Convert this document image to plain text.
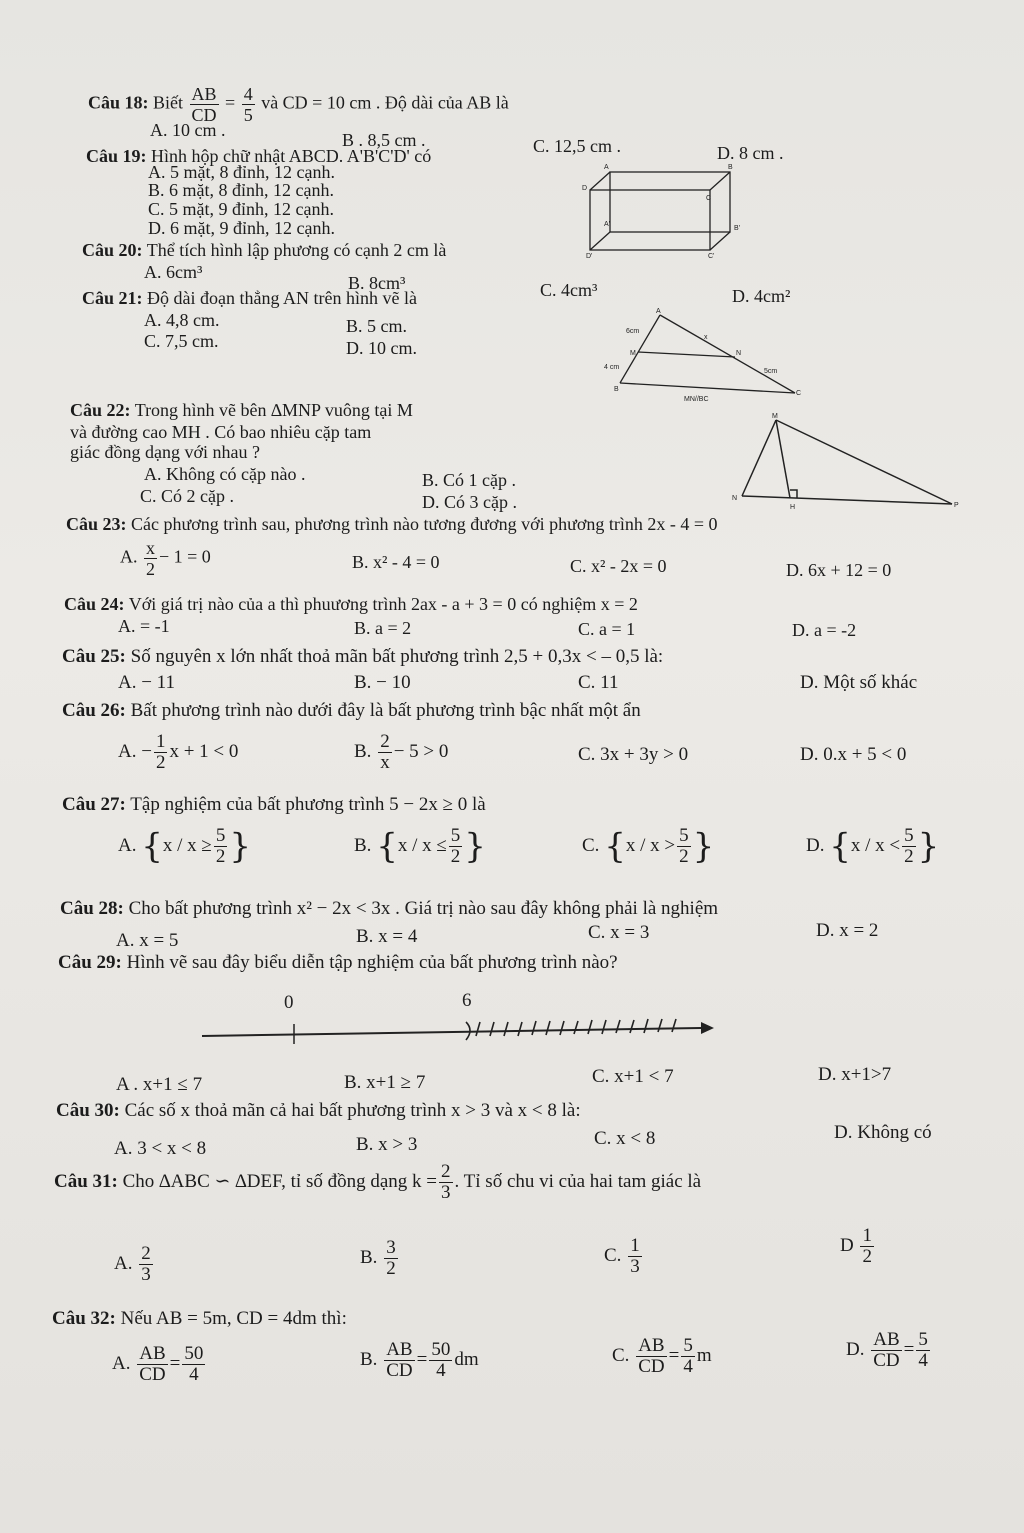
Câu 18: Biết $\frac{AB}{CD} = \frac{4}{5}$ và CD = 10 cm . Độ dài của AB là
A. 10 cm .	B . 8,5 cm .	C. 12,5 cm .	D. 8 cm .
Câu 19: Hình hộp chữ nhật ABCD. A'B'C'D' có
A. 5 mặt, 8 đỉnh, 12 cạnh.
B. 6 mặt, 8 đỉnh, 12 cạnh.
C. 5 mặt, 9 đỉnh, 12 cạnh.
D. 6 mặt, 9 đỉnh, 12 cạnh.
A	B
C
D
A'
B'
C'
D'
Câu 20: Thể tích hình lập phương có cạnh 2 cm là
A. 6cm³
B. 8cm³	C. 4cm³	D. 4cm²
Câu 21: Độ dài đoạn thẳng AN trên hình vẽ là
A. 4,8 cm.	B. 5 cm.
C. 7,5 cm.	D. 10 cm.
A
B
C
M	N
6cm
x
4 cm
5cm
MN//BC
Câu 22: Trong hình vẽ bên ∆MNP vuông tại M
và đường cao MH . Có bao nhiêu cặp tam
giác đồng dạng với nhau ?
A. Không có cặp nào .	B. Có 1 cặp .
C. Có 2 cặp .	D. Có 3 cặp .
M
N
H	P
Câu 23: Các phương trình sau, phương trình nào tương đương với phương trình 2x - 4 = 0
A. $\frac{x}{2} - 1 = 0$	B. x² - 4 = 0	C. x² - 2x = 0	D. 6x + 12 = 0
Câu 24: Với giá trị nào của a thì phuương trình 2ax - a + 3 = 0 có nghiệm x = 2
A. = -1	B. a = 2	C. a = 1	D. a = -2
Câu 25: Số nguyên x lớn nhất thoả mãn bất phương trình 2,5 + 0,3x < – 0,5 là:
A. − 11	B. − 10	C. 11	D. Một số khác
Câu 26: Bất phương trình nào dưới đây là bất phương trình bậc nhất một ẩn
A. − $\frac{1}{2}$ x + 1 < 0	B. $\frac{2}{x} - 5 > 0$	C. 3x + 3y > 0	D. 0.x + 5 < 0
Câu 27: Tập nghiệm của bất phương trình 5 − 2x ≥ 0 là
A. {$x / x \ge \frac{5}{2}$ }	B. {$x / x \le \frac{5}{2}$ }	C. {$x / x > \frac{5}{2}$ }	D. {$x / x < \frac{5}{2}$ }
Câu 28: Cho bất phương trình x² − 2x < 3x . Giá trị nào sau đây không phải là nghiệm
A. x = 5	B. x = 4	C. x = 3	D. x = 2
Câu 29: Hình vẽ sau đây biểu diễn tập nghiệm của bất phương trình nào?
0	6
A . x+1 ≤ 7	B. x+1 ≥ 7	C. x+1 < 7	D. x+1>7
Câu 30: Các số x thoả mãn cả hai bất phương trình x > 3 và x < 8 là:
A. 3 < x < 8	B. x > 3	C. x < 8	D. Không có
Câu 31: Cho ∆ABC ∽ ∆DEF, tỉ số đồng dạng $k = \frac{2}{3}$ . Tỉ số chu vi của hai tam giác là
A. $\frac{2}{3}$	B. $\frac{3}{2}$	C. $\frac{1}{3}$	D $\frac{1}{2}$
Câu 32: Nếu AB = 5m, CD = 4dm thì:
A. $\frac{AB}{CD} = \frac{50}{4}$	B. $\frac{AB}{CD} = \frac{50}{4}$ dm	C. $\frac{AB}{CD} = \frac{5}{4}$ m	D. $\frac{AB}{CD} = \frac{5}{4}$
